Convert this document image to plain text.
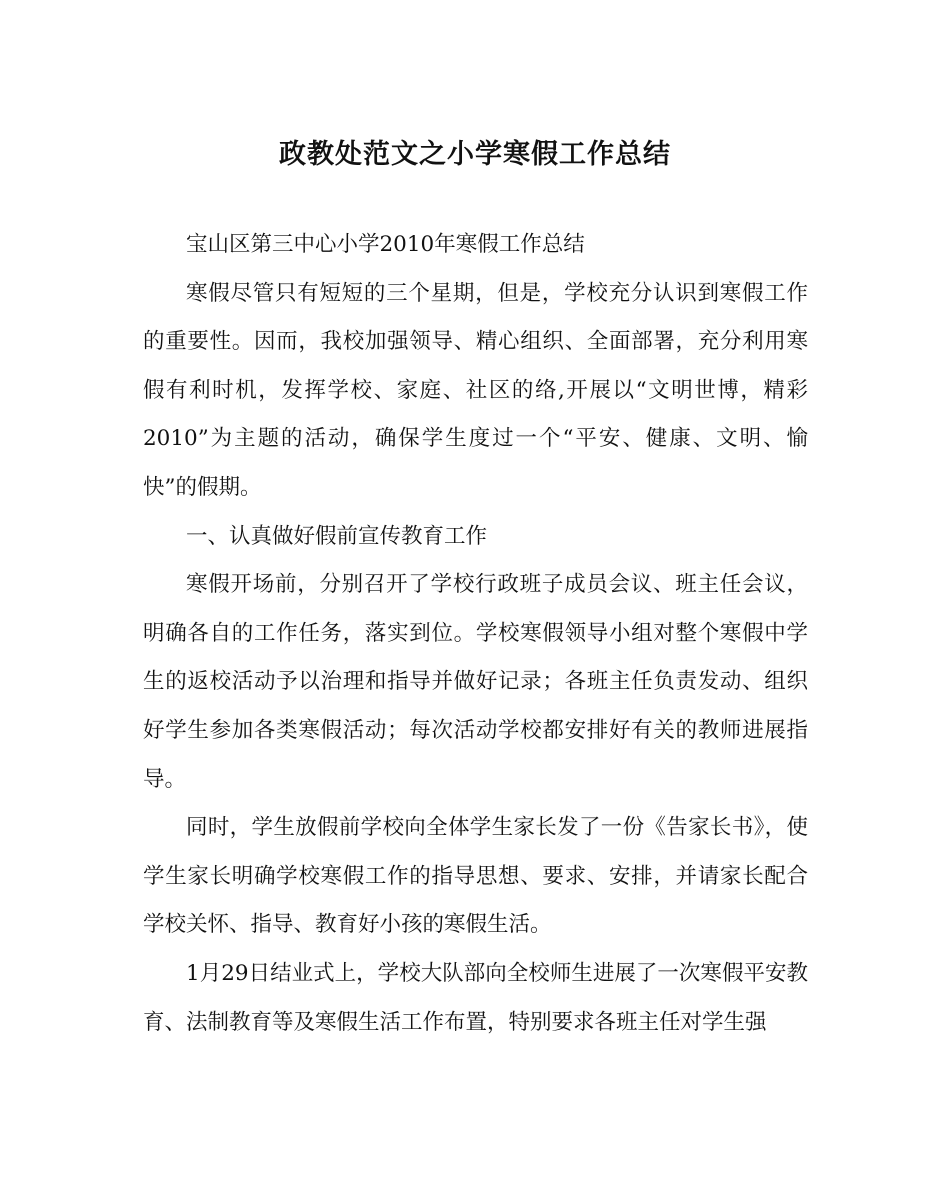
政教处范文之小学寒假工作总结

宝山区第三中心小学2010年寒假工作总结

寒假尽管只有短短的三个星期，但是，学校充分认识到寒假工作的重要性。因而，我校加强领导、精心组织、全面部署，充分利用寒假有利时机，发挥学校、家庭、社区的络,开展以“文明世博，精彩2010”为主题的活动，确保学生度过一个“平安、健康、文明、愉快”的假期。

一、认真做好假前宣传教育工作

寒假开场前，分别召开了学校行政班子成员会议、班主任会议，明确各自的工作任务，落实到位。学校寒假领导小组对整个寒假中学生的返校活动予以治理和指导并做好记录；各班主任负责发动、组织好学生参加各类寒假活动；每次活动学校都安排好有关的教师进展指导。

同时，学生放假前学校向全体学生家长发了一份《告家长书》，使学生家长明确学校寒假工作的指导思想、要求、安排，并请家长配合学校关怀、指导、教育好小孩的寒假生活。

1月29日结业式上，学校大队部向全校师生进展了一次寒假平安教育、法制教育等及寒假生活工作布置，特别要求各班主任对学生强
